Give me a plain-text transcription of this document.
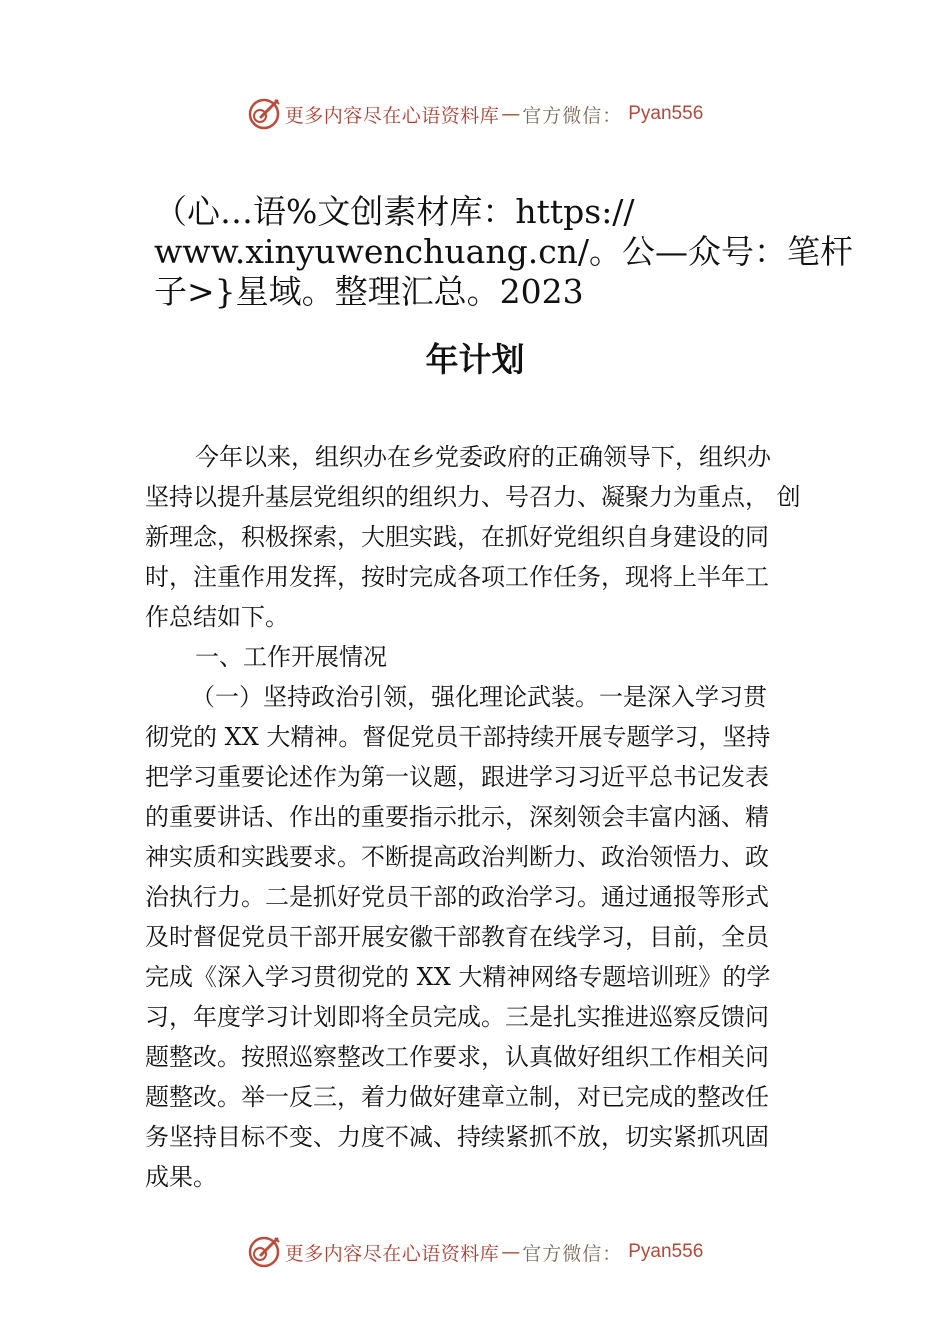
更多内容尽在心语资料库 — 官方微信： Pyan556
（心…语%文创素材库：https://
www.xinyuwenchuang.cn/。公—众号：笔杆
子>}星域。整理汇总。2023
年计划
今年以来，组织办在乡党委政府的正确领导下，组织办
坚持以提升基层党组织的组织力、号召力、凝聚力为重点， 创
新理念，积极探索，大胆实践，在抓好党组织自身建设的同
时，注重作用发挥，按时完成各项工作任务，现将上半年工
作总结如下。
一、工作开展情况
（一）坚持政治引领，强化理论武装。一是深入学习贯
彻党的 XX 大精神。督促党员干部持续开展专题学习，坚持
把学习重要论述作为第一议题，跟进学习习近平总书记发表
的重要讲话、作出的重要指示批示，深刻领会丰富内涵、精
神实质和实践要求。不断提高政治判断力、政治领悟力、政
治执行力。二是抓好党员干部的政治学习。通过通报等形式
及时督促党员干部开展安徽干部教育在线学习，目前，全员
完成《深入学习贯彻党的 XX 大精神网络专题培训班》的学
习，年度学习计划即将全员完成。三是扎实推进巡察反馈问
题整改。按照巡察整改工作要求，认真做好组织工作相关问
题整改。举一反三，着力做好建章立制，对已完成的整改任
务坚持目标不变、力度不减、持续紧抓不放，切实紧抓巩固
成果。
更多内容尽在心语资料库 — 官方微信： Pyan556
